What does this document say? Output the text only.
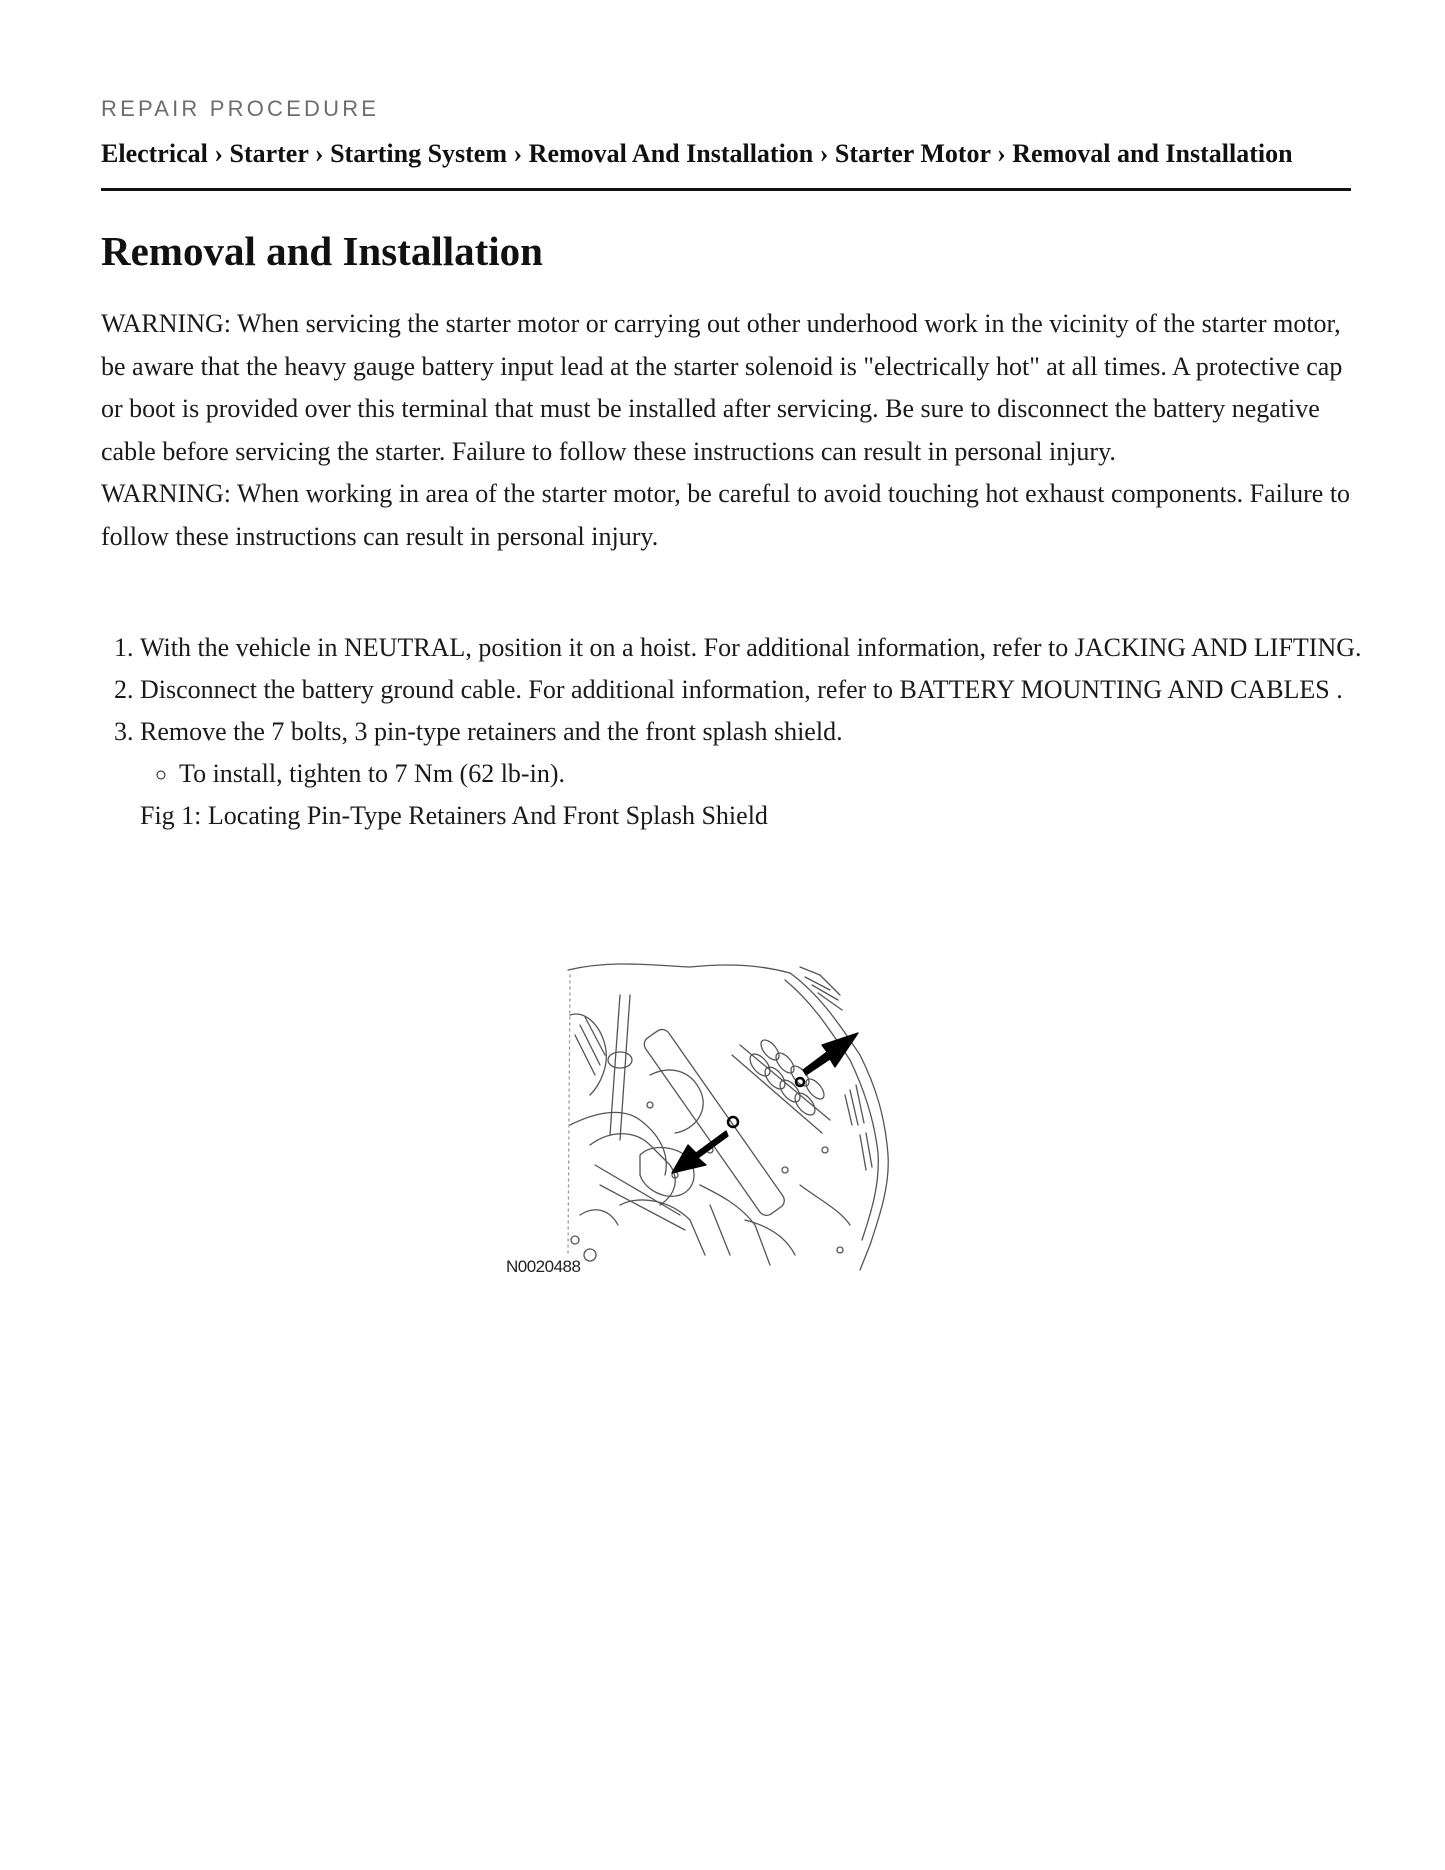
REPAIR PROCEDURE
Electrical › Starter › Starting System › Removal And Installation › Starter Motor › Removal and Installation
Removal and Installation

WARNING: When servicing the starter motor or carrying out other underhood work in the vicinity of the starter motor, be aware that the heavy gauge battery input lead at the starter solenoid is "electrically hot" at all times. A protective cap or boot is provided over this terminal that must be installed after servicing. Be sure to disconnect the battery negative cable before servicing the starter. Failure to follow these instructions can result in personal injury.

WARNING: When working in area of the starter motor, be careful to avoid touching hot exhaust components. Failure to follow these instructions can result in personal injury.

1. With the vehicle in NEUTRAL, position it on a hoist. For additional information, refer to JACKING AND LIFTING.
2. Disconnect the battery ground cable. For additional information, refer to BATTERY MOUNTING AND CABLES .
3. Remove the 7 bolts, 3 pin-type retainers and the front splash shield.
◦ To install, tighten to 7 Nm (62 lb-in).

Fig 1: Locating Pin-Type Retainers And Front Splash Shield

N0020488
